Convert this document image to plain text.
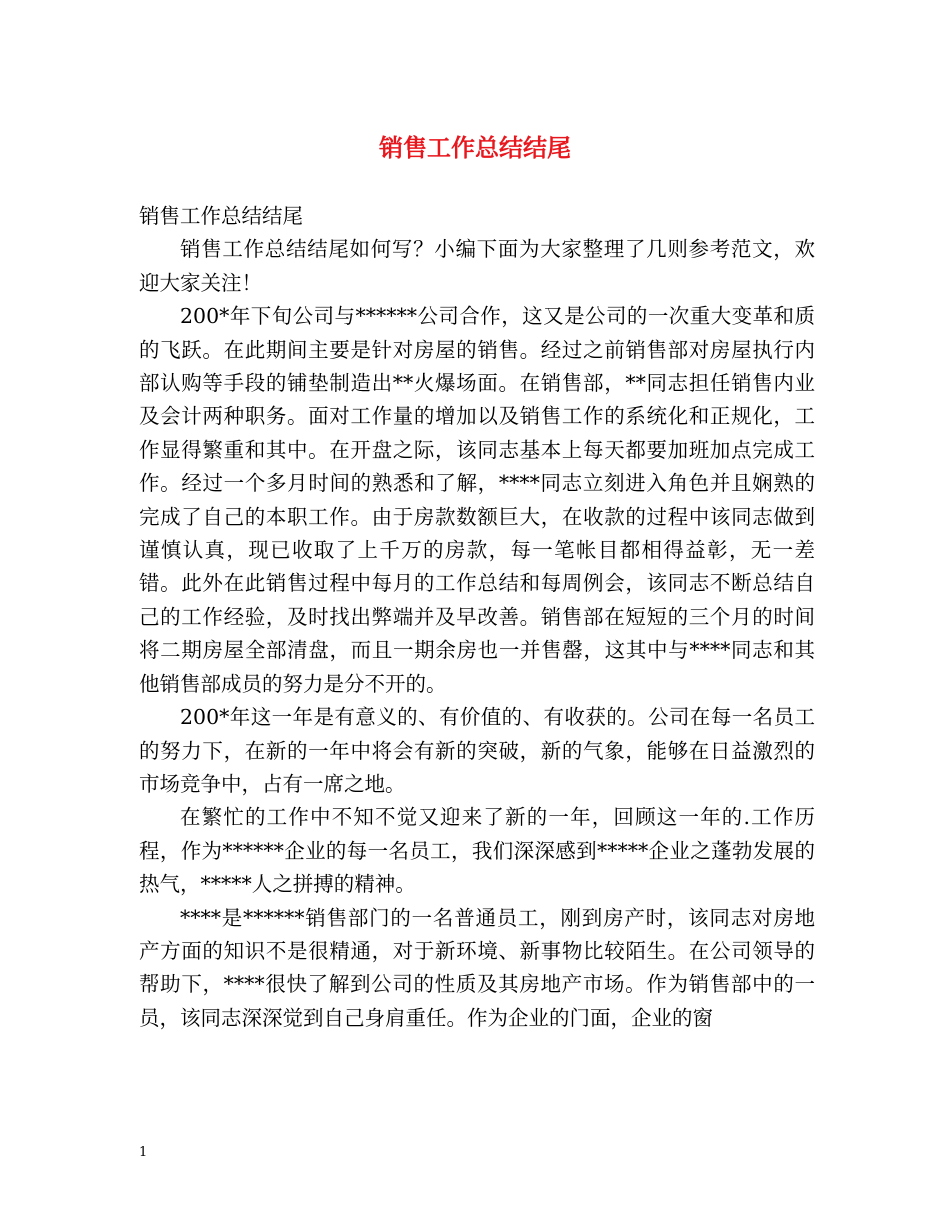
销售工作总结结尾

销售工作总结结尾

销售工作总结结尾如何写？小编下面为大家整理了几则参考范文，欢迎大家关注！

200*年下旬公司与******公司合作，这又是公司的一次重大变革和质的飞跃。在此期间主要是针对房屋的销售。经过之前销售部对房屋执行内部认购等手段的铺垫制造出**火爆场面。在销售部，**同志担任销售内业及会计两种职务。面对工作量的增加以及销售工作的系统化和正规化，工作显得繁重和其中。在开盘之际，该同志基本上每天都要加班加点完成工作。经过一个多月时间的熟悉和了解，****同志立刻进入角色并且娴熟的完成了自己的本职工作。由于房款数额巨大，在收款的过程中该同志做到谨慎认真，现已收取了上千万的房款，每一笔帐目都相得益彰，无一差错。此外在此销售过程中每月的工作总结和每周例会，该同志不断总结自己的工作经验，及时找出弊端并及早改善。销售部在短短的三个月的时间将二期房屋全部清盘，而且一期余房也一并售罄，这其中与****同志和其他销售部成员的努力是分不开的。

200*年这一年是有意义的、有价值的、有收获的。公司在每一名员工的努力下，在新的一年中将会有新的突破，新的气象，能够在日益激烈的市场竞争中，占有一席之地。

在繁忙的工作中不知不觉又迎来了新的一年，回顾这一年的.工作历程，作为******企业的每一名员工，我们深深感到*****企业之蓬勃发展的热气，*****人之拼搏的精神。

****是******销售部门的一名普通员工，刚到房产时，该同志对房地产方面的知识不是很精通，对于新环境、新事物比较陌生。在公司领导的帮助下，****很快了解到公司的性质及其房地产市场。作为销售部中的一员，该同志深深觉到自己身肩重任。作为企业的门面，企业的窗

1
